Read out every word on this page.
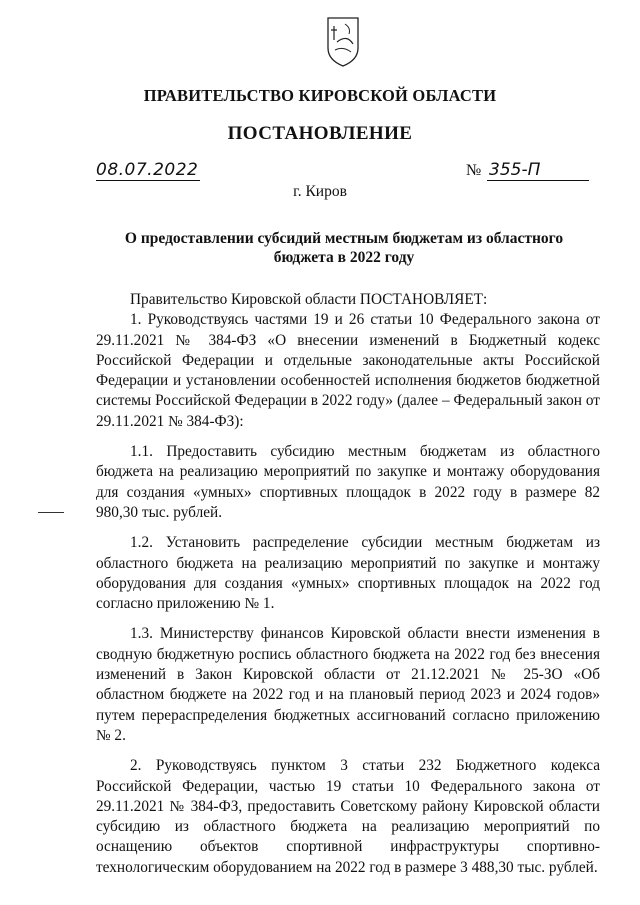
ПРАВИТЕЛЬСТВО КИРОВСКОЙ ОБЛАСТИ
ПОСТАНОВЛЕНИЕ
08.07.2022	№ 355-П
г. Киров
О предоставлении субсидий местным бюджетам из областного бюджета в 2022 году

Правительство Кировской области ПОСТАНОВЛЯЕТ:

1. Руководствуясь частями 19 и 26 статьи 10 Федерального закона от 29.11.2021 № 384-ФЗ «О внесении изменений в Бюджетный кодекс Российской Федерации и отдельные законодательные акты Российской Федерации и установлении особенностей исполнения бюджетов бюджетной системы Российской Федерации в 2022 году» (далее – Федеральный закон от 29.11.2021 № 384-ФЗ):

1.1. Предоставить субсидию местным бюджетам из областного бюджета на реализацию мероприятий по закупке и монтажу оборудования для создания «умных» спортивных площадок в 2022 году в размере 82 980,30 тыс. рублей.

1.2. Установить распределение субсидии местным бюджетам из областного бюджета на реализацию мероприятий по закупке и монтажу оборудования для создания «умных» спортивных площадок на 2022 год согласно приложению № 1.

1.3. Министерству финансов Кировской области внести изменения в сводную бюджетную роспись областного бюджета на 2022 год без внесения изменений в Закон Кировской области от 21.12.2021 № 25-ЗО «Об областном бюджете на 2022 год и на плановый период 2023 и 2024 годов» путем перераспределения бюджетных ассигнований согласно приложению № 2.

2. Руководствуясь пунктом 3 статьи 232 Бюджетного кодекса Российской Федерации, частью 19 статьи 10 Федерального закона от 29.11.2021 № 384-ФЗ, предоставить Советскому району Кировской области субсидию из областного бюджета на реализацию мероприятий по оснащению объектов спортивной инфраструктуры спортивно-технологическим оборудованием на 2022 год в размере 3 488,30 тыс. рублей.
